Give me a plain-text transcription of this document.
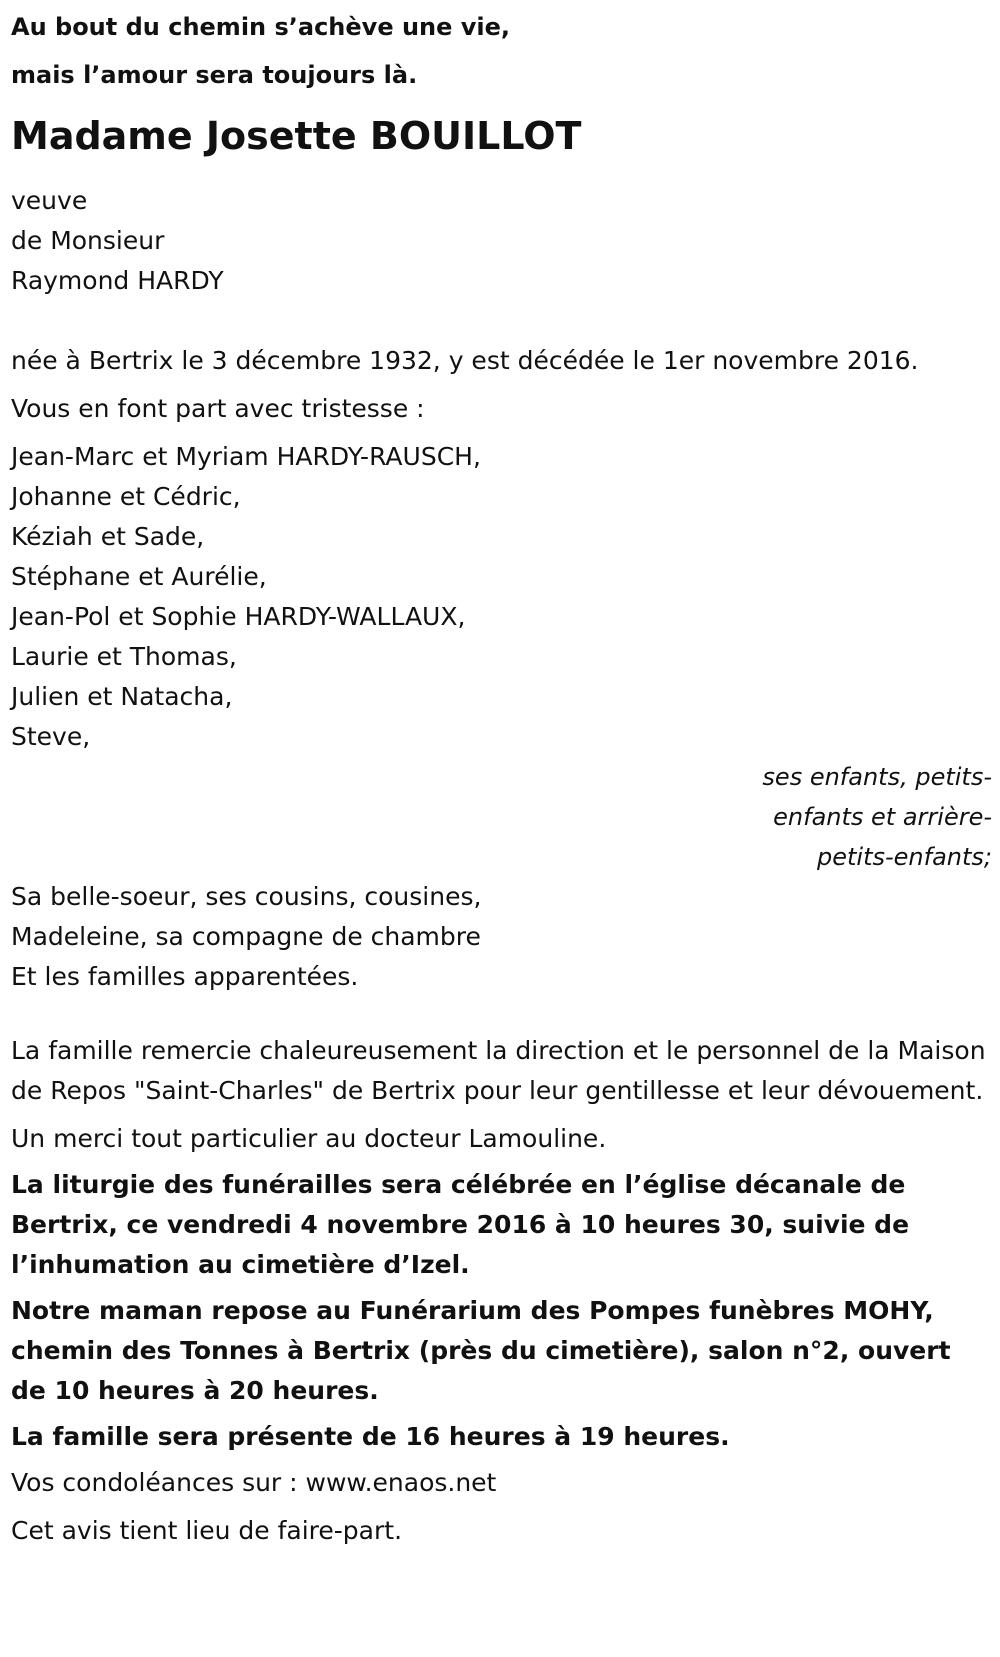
Au bout du chemin s’achève une vie,
mais l’amour sera toujours là.
Madame Josette BOUILLOT
veuve
de Monsieur
Raymond HARDY

née à Bertrix le 3 décembre 1932, y est décédée le 1er novembre 2016.

Vous en font part avec tristesse :

Jean-Marc et Myriam HARDY-RAUSCH,
Johanne et Cédric,
Kéziah et Sade,
Stéphane et Aurélie,
Jean-Pol et Sophie HARDY-WALLAUX,
Laurie et Thomas,
Julien et Natacha,
Steve,
ses enfants, petits-enfants et arrière-petits-enfants;
Sa belle-soeur, ses cousins, cousines,
Madeleine, sa compagne de chambre
Et les familles apparentées.

La famille remercie chaleureusement la direction et le personnel de la Maison de Repos "Saint-Charles" de Bertrix pour leur gentillesse et leur dévouement.

Un merci tout particulier au docteur Lamouline.

La liturgie des funérailles sera célébrée en l’église décanale de Bertrix, ce vendredi 4 novembre 2016 à 10 heures 30, suivie de l’inhumation au cimetière d’Izel.

Notre maman repose au Funérarium des Pompes funèbres MOHY, chemin des Tonnes à Bertrix (près du cimetière), salon n°2, ouvert de 10 heures à 20 heures.

La famille sera présente de 16 heures à 19 heures.

Vos condoléances sur : www.enaos.net

Cet avis tient lieu de faire-part.
